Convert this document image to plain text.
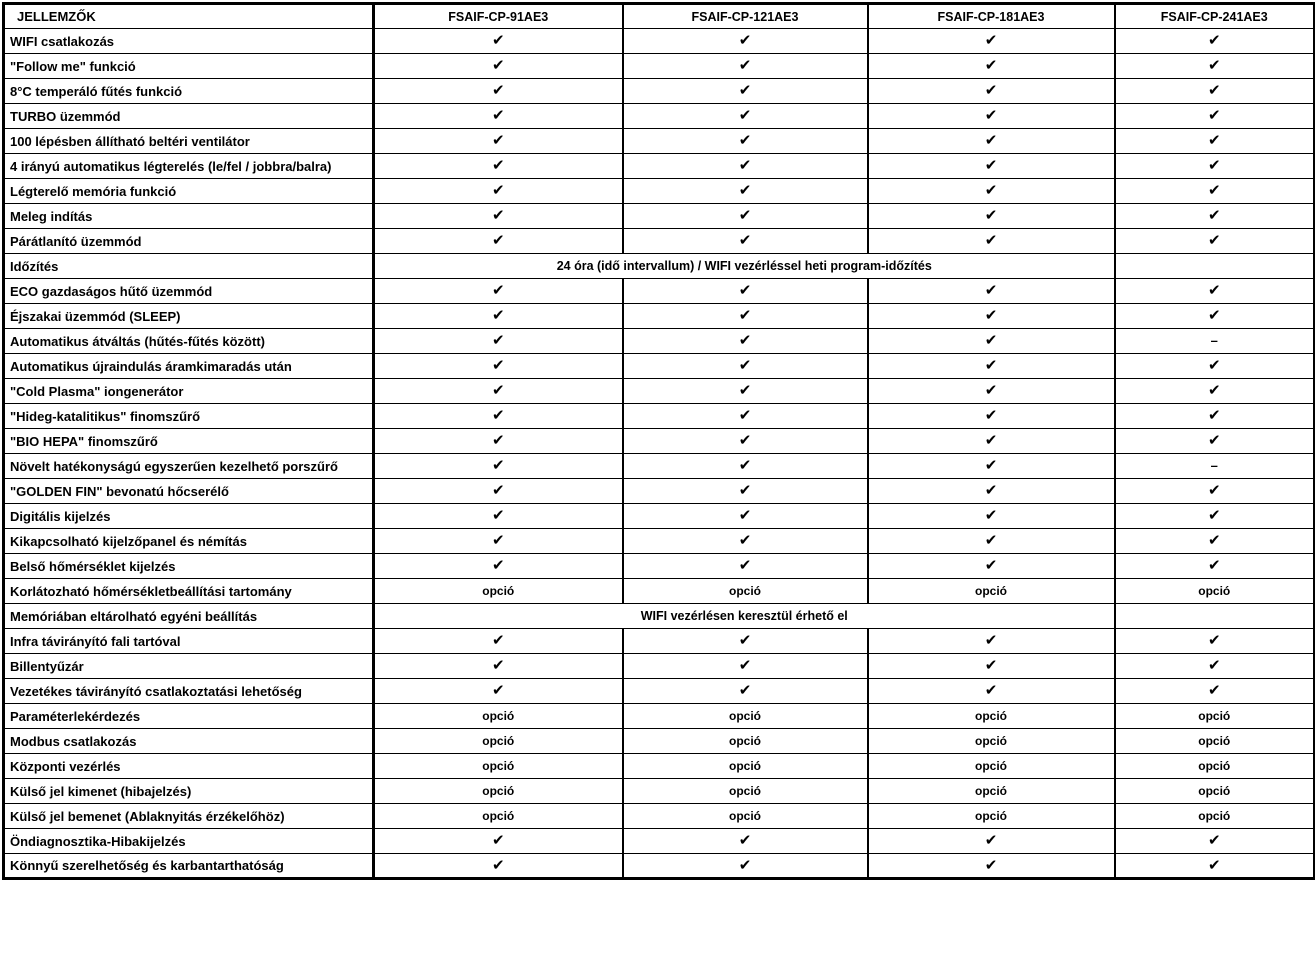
JELLEMZŐK	FSAIF-CP-91AE3	FSAIF-CP-121AE3	FSAIF-CP-181AE3	FSAIF-CP-241AE3
WIFI csatlakozás	✔	✔	✔	✔
"Follow me" funkció	✔	✔	✔	✔
8°C temperáló fűtés funkció	✔	✔	✔	✔
TURBO üzemmód	✔	✔	✔	✔
100 lépésben állítható beltéri ventilátor	✔	✔	✔	✔
4 irányú automatikus légterelés (le/fel / jobbra/balra)	✔	✔	✔	✔
Légterelő memória funkció	✔	✔	✔	✔
Meleg indítás	✔	✔	✔	✔
Párátlanító üzemmód	✔	✔	✔	✔
Időzítés	24 óra (idő intervallum) / WIFI vezérléssel heti program-időzítés			
ECO gazdaságos hűtő üzemmód	✔	✔	✔	✔
Éjszakai üzemmód (SLEEP)	✔	✔	✔	✔
Automatikus átváltás (hűtés-fűtés között)	✔	✔	✔	–
Automatikus újraindulás áramkimaradás után	✔	✔	✔	✔
"Cold Plasma" iongenerátor	✔	✔	✔	✔
"Hideg-katalitikus" finomszűrő	✔	✔	✔	✔
"BIO HEPA" finomszűrő	✔	✔	✔	✔
Növelt hatékonyságú egyszerűen kezelhető porszűrő	✔	✔	✔	–
"GOLDEN FIN" bevonatú hőcserélő	✔	✔	✔	✔
Digitális kijelzés	✔	✔	✔	✔
Kikapcsolható kijelzőpanel és némítás	✔	✔	✔	✔
Belső hőmérséklet kijelzés	✔	✔	✔	✔
Korlátozható hőmérsékletbeállítási tartomány	opció	opció	opció	opció
Memóriában eltárolható egyéni beállítás	WIFI vezérlésen keresztül érhető el			
Infra távirányító fali tartóval	✔	✔	✔	✔
Billentyűzár	✔	✔	✔	✔
Vezetékes távirányító csatlakoztatási lehetőség	✔	✔	✔	✔
Paraméterlekérdezés	opció	opció	opció	opció
Modbus csatlakozás	opció	opció	opció	opció
Központi vezérlés	opció	opció	opció	opció
Külső jel kimenet (hibajelzés)	opció	opció	opció	opció
Külső jel bemenet (Ablaknyitás érzékelőhöz)	opció	opció	opció	opció
Öndiagnosztika-Hibakijelzés	✔	✔	✔	✔
Könnyű szerelhetőség és karbantarthatóság	✔	✔	✔	✔
